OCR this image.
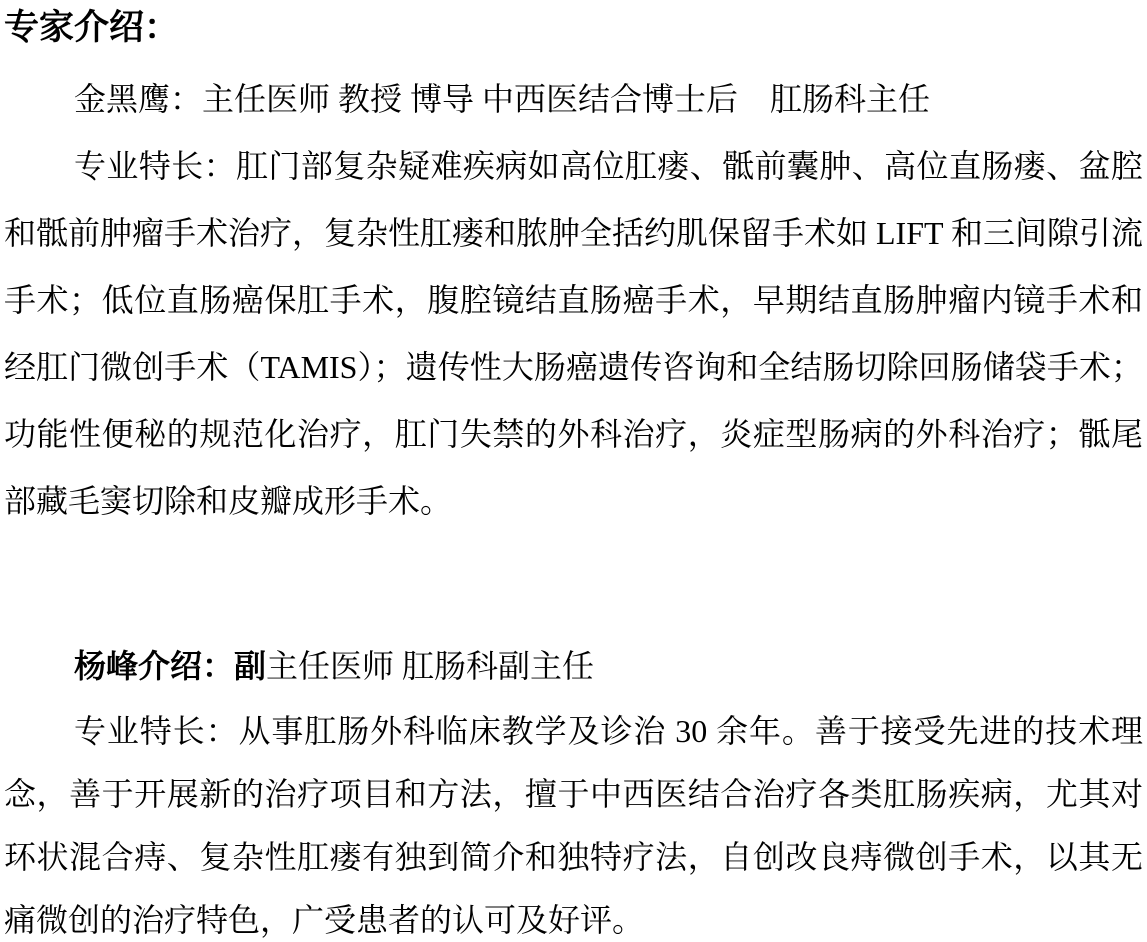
专家介绍：

金黑鹰：主任医师 教授 博导 中西医结合博士后　肛肠科主任

专业特长：肛门部复杂疑难疾病如高位肛瘘、骶前囊肿、高位直肠瘘、盆腔和骶前肿瘤手术治疗，复杂性肛瘘和脓肿全括约肌保留手术如 LIFT 和三间隙引流手术；低位直肠癌保肛手术，腹腔镜结直肠癌手术，早期结直肠肿瘤内镜手术和经肛门微创手术（TAMIS）；遗传性大肠癌遗传咨询和全结肠切除回肠储袋手术；功能性便秘的规范化治疗，肛门失禁的外科治疗，炎症型肠病的外科治疗；骶尾部藏毛窦切除和皮瓣成形手术。

杨峰介绍：副主任医师 肛肠科副主任

专业特长：从事肛肠外科临床教学及诊治 30 余年。善于接受先进的技术理念，善于开展新的治疗项目和方法，擅于中西医结合治疗各类肛肠疾病，尤其对环状混合痔、复杂性肛瘘有独到简介和独特疗法，自创改良痔微创手术，以其无痛微创的治疗特色，广受患者的认可及好评。
